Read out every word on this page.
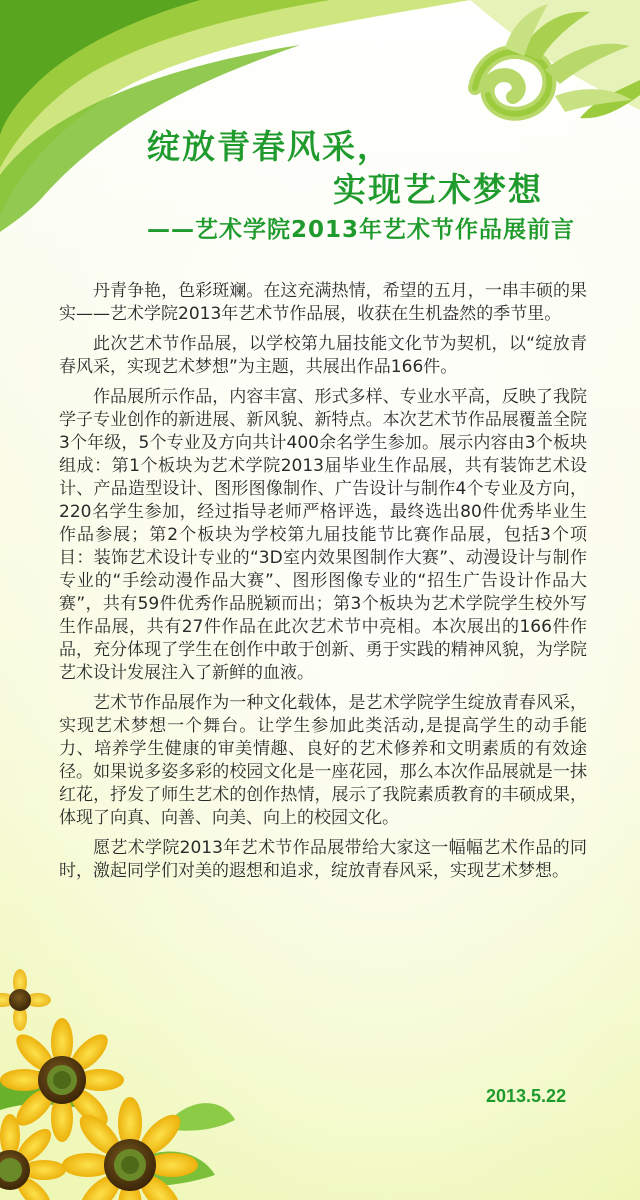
绽放青春风采，
实现艺术梦想
——艺术学院2013年艺术节作品展前言

丹青争艳，色彩斑斓。在这充满热情，希望的五月，一串丰硕的果实——艺术学院2013年艺术节作品展，收获在生机盎然的季节里。

此次艺术节作品展，以学校第九届技能文化节为契机，以“绽放青春风采，实现艺术梦想”为主题，共展出作品166件。

作品展所示作品，内容丰富、形式多样、专业水平高，反映了我院学子专业创作的新进展、新风貌、新特点。本次艺术节作品展覆盖全院3个年级，5个专业及方向共计400余名学生参加。展示内容由3个板块组成：第1个板块为艺术学院2013届毕业生作品展，共有装饰艺术设计、产品造型设计、图形图像制作、广告设计与制作4个专业及方向，220名学生参加，经过指导老师严格评选，最终选出80件优秀毕业生作品参展；第2个板块为学校第九届技能节比赛作品展，包括3个项目：装饰艺术设计专业的“3D室内效果图制作大赛”、动漫设计与制作专业的“手绘动漫作品大赛”、图形图像专业的“招生广告设计作品大赛”，共有59件优秀作品脱颖而出；第3个板块为艺术学院学生校外写生作品展，共有27件作品在此次艺术节中亮相。本次展出的166件作品，充分体现了学生在创作中敢于创新、勇于实践的精神风貌，为学院艺术设计发展注入了新鲜的血液。

艺术节作品展作为一种文化载体，是艺术学院学生绽放青春风采，实现艺术梦想一个舞台。让学生参加此类活动,是提高学生的动手能力、培养学生健康的审美情趣、良好的艺术修养和文明素质的有效途径。如果说多姿多彩的校园文化是一座花园，那么本次作品展就是一抹红花，抒发了师生艺术的创作热情，展示了我院素质教育的丰硕成果，体现了向真、向善、向美、向上的校园文化。

愿艺术学院2013年艺术节作品展带给大家这一幅幅艺术作品的同时，激起同学们对美的遐想和追求，绽放青春风采，实现艺术梦想。

2013.5.22
